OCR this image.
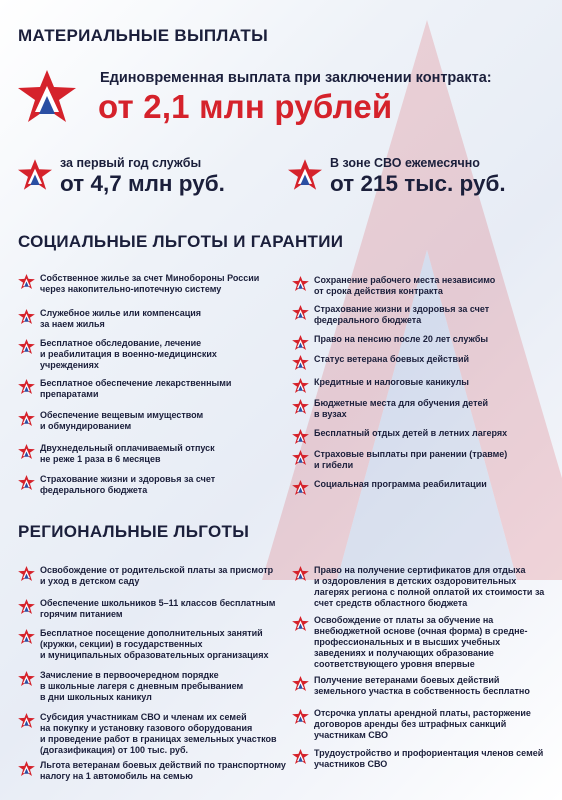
МАТЕРИАЛЬНЫЕ ВЫПЛАТЫ
Единовременная выплата при заключении контракта:
от 2,1 млн рублей
за первый год службы
от 4,7 млн руб.
В зоне СВО ежемесячно
от 215 тыс. руб.
СОЦИАЛЬНЫЕ ЛЬГОТЫ И ГАРАНТИИ
Собственное жилье за счет Минобороны России
через накопительно-ипотечную систему
Служебное жилье или компенсация
за наем жилья
Бесплатное обследование, лечение
и реабилитация в военно-медицинских
учреждениях
Бесплатное обеспечение лекарственными
препаратами
Обеспечение вещевым имуществом
и обмундированием
Двухнедельный оплачиваемый отпуск
не реже 1 раза в 6 месяцев
Страхование жизни и здоровья за счет
федерального бюджета
Сохранение рабочего места независимо
от срока действия контракта
Страхование жизни и здоровья за счет
федерального бюджета
Право на пенсию после 20 лет службы
Статус ветерана боевых действий
Кредитные и налоговые каникулы
Бюджетные места для обучения детей
в вузах
Бесплатный отдых детей в летних лагерях
Страховые выплаты при ранении (травме)
и гибели
Социальная программа реабилитации
РЕГИОНАЛЬНЫЕ ЛЬГОТЫ
Освобождение от родительской платы за присмотр
и уход в детском саду
Обеспечение школьников 5–11 классов бесплатным
горячим питанием
Бесплатное посещение дополнительных занятий
(кружки, секции) в государственных
и муниципальных образовательных организациях
Зачисление в первоочередном порядке
в школьные лагеря с дневным пребыванием
в дни школьных каникул
Субсидия участникам СВО и членам их семей
на покупку и установку газового оборудования
и проведение работ в границах земельных участков
(догазификация) от 100 тыс. руб.
Льгота ветеранам боевых действий по транспортному
налогу на 1 автомобиль на семью
Право на получение сертификатов для отдыха
и оздоровления в детских оздоровительных
лагерях региона с полной оплатой их стоимости за
счет средств областного бюджета
Освобождение от платы за обучение на
внебюджетной основе (очная форма) в средне-
профессиональных и в высших учебных
заведениях и получающих образование
соответствующего уровня впервые
Получение ветеранами боевых действий
земельного участка в собственность бесплатно
Отсрочка уплаты арендной платы, расторжение
договоров аренды без штрафных санкций
участникам СВО
Трудоустройство и профориентация членов семей
участников СВО
